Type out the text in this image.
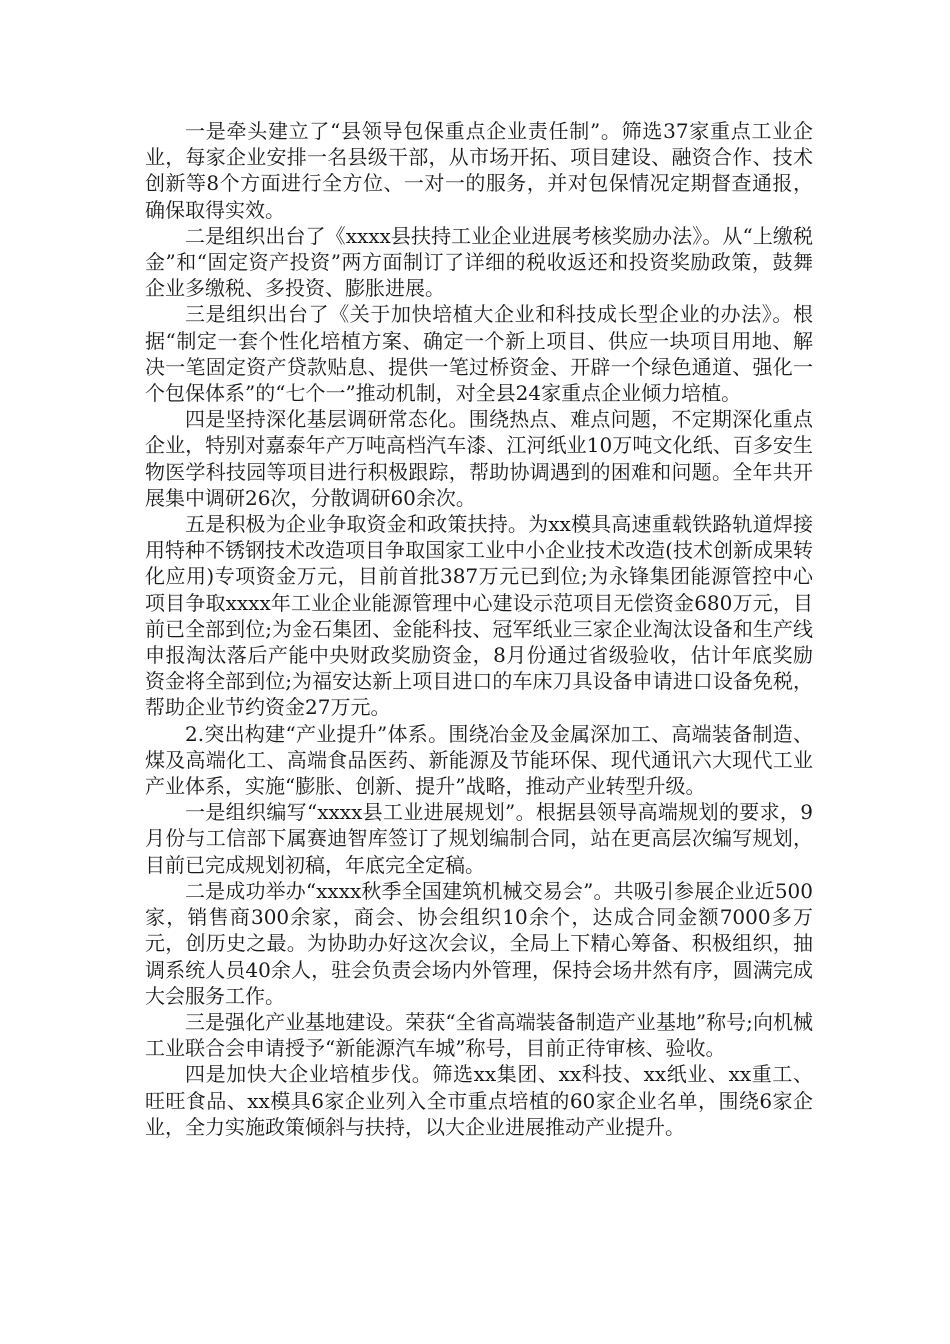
一是牵头建立了“县领导包保重点企业责任制”。筛选37家重点工业企业，每家企业安排一名县级干部，从市场开拓、项目建设、融资合作、技术创新等8个方面进行全方位、一对一的服务，并对包保情况定期督查通报，确保取得实效。

二是组织出台了《xxxx县扶持工业企业进展考核奖励办法》。从“上缴税金”和“固定资产投资”两方面制订了详细的税收返还和投资奖励政策，鼓舞企业多缴税、多投资、膨胀进展。

三是组织出台了《关于加快培植大企业和科技成长型企业的办法》。根据“制定一套个性化培植方案、确定一个新上项目、供应一块项目用地、解决一笔固定资产贷款贴息、提供一笔过桥资金、开辟一个绿色通道、强化一个包保体系”的“七个一”推动机制，对全县24家重点企业倾力培植。

四是坚持深化基层调研常态化。围绕热点、难点问题，不定期深化重点企业，特别对嘉泰年产万吨高档汽车漆、江河纸业10万吨文化纸、百多安生物医学科技园等项目进行积极跟踪，帮助协调遇到的困难和问题。全年共开展集中调研26次，分散调研60余次。

五是积极为企业争取资金和政策扶持。为xx模具高速重载铁路轨道焊接用特种不锈钢技术改造项目争取国家工业中小企业技术改造(技术创新成果转化应用)专项资金万元，目前首批387万元已到位;为永锋集团能源管控中心项目争取xxxx年工业企业能源管理中心建设示范项目无偿资金680万元，目前已全部到位;为金石集团、金能科技、冠军纸业三家企业淘汰设备和生产线申报淘汰落后产能中央财政奖励资金，8月份通过省级验收，估计年底奖励资金将全部到位;为福安达新上项目进口的车床刀具设备申请进口设备免税，帮助企业节约资金27万元。

2.突出构建“产业提升”体系。围绕冶金及金属深加工、高端装备制造、煤及高端化工、高端食品医药、新能源及节能环保、现代通讯六大现代工业产业体系，实施“膨胀、创新、提升”战略，推动产业转型升级。

一是组织编写“xxxx县工业进展规划”。根据县领导高端规划的要求，9月份与工信部下属赛迪智库签订了规划编制合同，站在更高层次编写规划，目前已完成规划初稿，年底完全定稿。

二是成功举办“xxxx秋季全国建筑机械交易会”。共吸引参展企业近500家，销售商300余家，商会、协会组织10余个，达成合同金额7000多万元，创历史之最。为协助办好这次会议，全局上下精心筹备、积极组织，抽调系统人员40余人，驻会负责会场内外管理，保持会场井然有序，圆满完成大会服务工作。

三是强化产业基地建设。荣获“全省高端装备制造产业基地”称号;向机械工业联合会申请授予“新能源汽车城”称号，目前正待审核、验收。

四是加快大企业培植步伐。筛选xx集团、xx科技、xx纸业、xx重工、旺旺食品、xx模具6家企业列入全市重点培植的60家企业名单，围绕6家企业，全力实施政策倾斜与扶持，以大企业进展推动产业提升。
